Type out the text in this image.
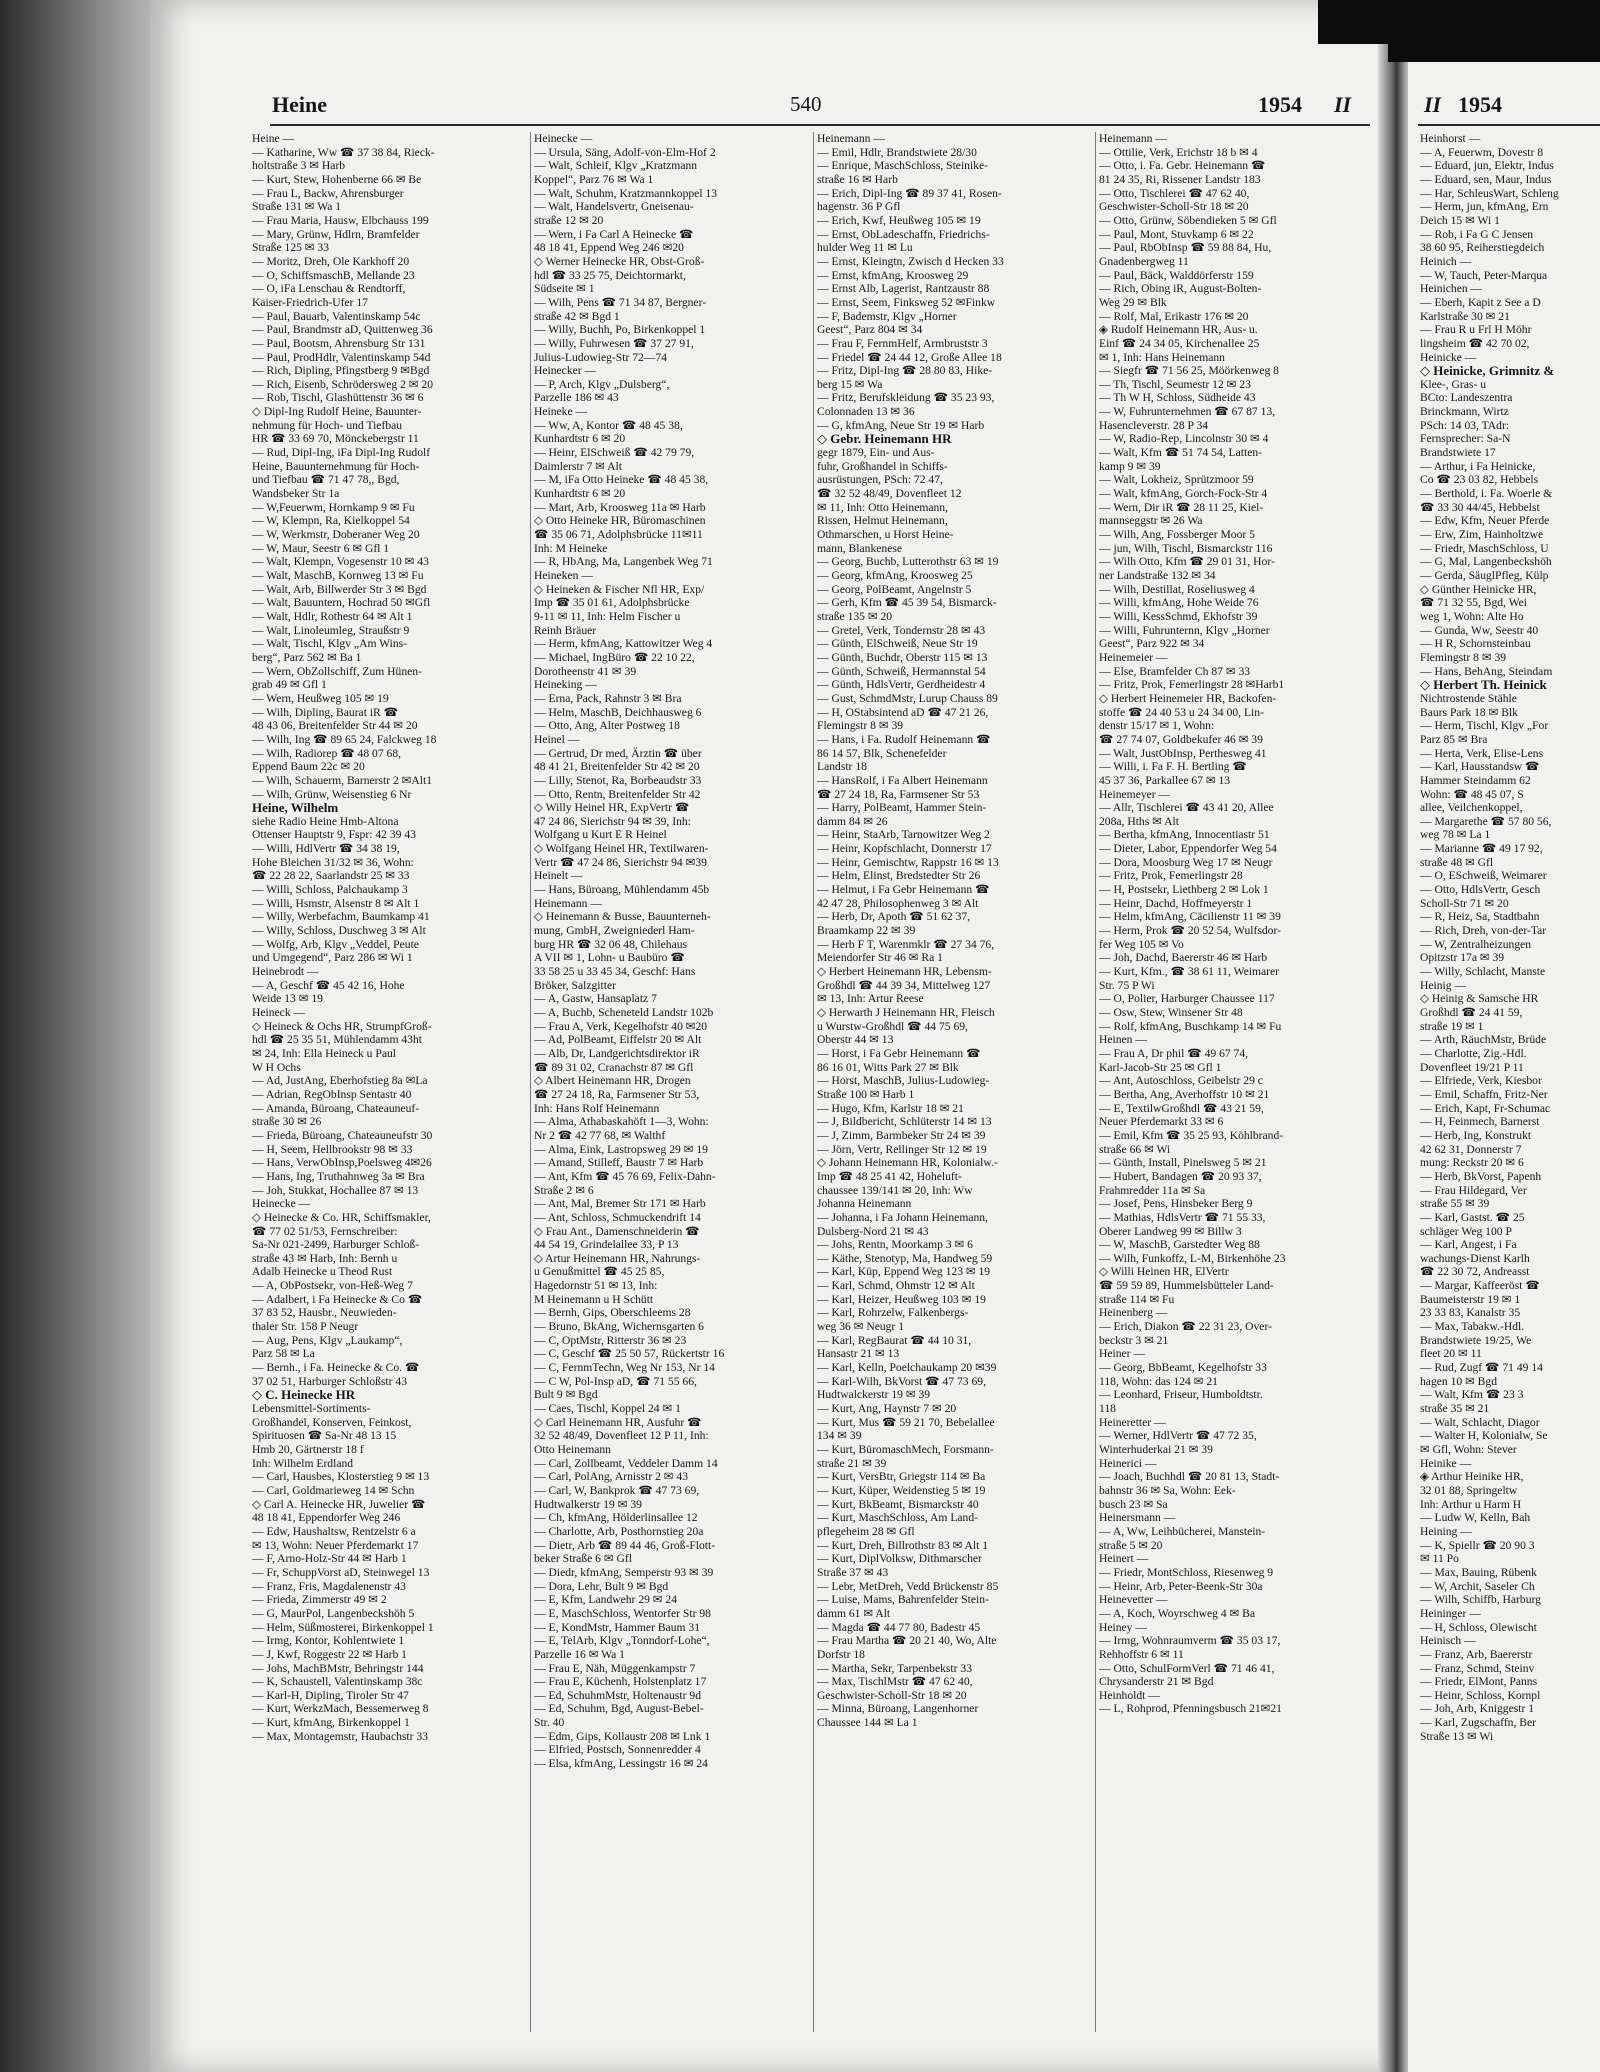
Heine	540	1954 II	II 1954
Heine —
— Katharine, Ww ☎ 37 38 84, Rieck-
holtstraße 3 ✉ Harb
— Kurt, Stew, Hohenberne 66 ✉ Be
— Frau L, Backw, Ahrensburger
Straße 131 ✉ Wa 1
— Frau Maria, Hausw, Elbchauss 199
— Mary, Grünw, Hdlrn, Bramfelder
Straße 125 ✉ 33
— Moritz, Dreh, Ole Karkhoff 20
— O, SchiffsmaschB, Mellande 23
— O, iFa Lenschau & Rendtorff,
Kaiser-Friedrich-Ufer 17
— Paul, Bauarb, Valentinskamp 54c
— Paul, Brandmstr aD, Quittenweg 36
— Paul, Bootsm, Ahrensburg Str 131
— Paul, ProdHdlr, Valentinskamp 54d
— Rich, Dipling, Pfingstberg 9 ✉Bgd
— Rich, Eisenb, Schrödersweg 2 ✉ 20
— Rob, Tischl, Glashüttenstr 36 ✉ 6
◇ Dipl-Ing Rudolf Heine, Bauunter-
nehmung für Hoch- und Tiefbau
HR ☎ 33 69 70, Mönckebergstr 11
— Rud, Dipl-Ing, iFa Dipl-Ing Rudolf
Heine, Bauunternehmung für Hoch-
und Tiefbau ☎ 71 47 78,, Bgd,
Wandsbeker Str 1a
— W,Feuerwm, Hornkamp 9 ✉ Fu
— W, Klempn, Ra, Kielkoppel 54
— W, Werkmstr, Doberaner Weg 20
— W, Maur, Seestr 6 ✉ Gfl 1
— Walt, Klempn, Vogesenstr 10 ✉ 43
— Walt, MaschB, Kornweg 13 ✉ Fu
— Walt, Arb, Billwerder Str 3 ✉ Bgd
— Walt, Bauuntern, Hochrad 50 ✉Gfl
— Walt, Hdlr, Rothestr 64 ✉ Alt 1
— Walt, Linoleumleg, Straußstr 9
— Walt, Tischl, Klgv „Am Wins-
berg“, Parz 562 ✉ Ba 1
— Wern, ObZollschiff, Zum Hünen-
grab 49 ✉ Gfl 1
— Wern, Heußweg 105 ✉ 19
— Wilh, Dipling, Baurat iR ☎
48 43 06, Breitenfelder Str 44 ✉ 20
— Wilh, Ing ☎ 89 65 24, Falckweg 18
— Wilh, Radiorep ☎ 48 07 68,
Eppend Baum 22c ✉ 20
— Wilh, Schauerm, Barnerstr 2 ✉Alt1
— Wilh, Grünw, Weisenstieg 6 Nr
Heine, Wilhelm
siehe Radio Heine Hmb-Altona
Ottenser Hauptstr 9, Fspr: 42 39 43
— Willi, HdlVertr ☎ 34 38 19,
Hohe Bleichen 31/32 ✉ 36, Wohn:
☎ 22 28 22, Saarlandstr 25 ✉ 33
— Willi, Schloss, Palchaukamp 3
— Willi, Hsmstr, Alsenstr 8 ✉ Alt 1
— Willy, Werbefachm, Baumkamp 41
— Willy, Schloss, Duschweg 3 ✉ Alt
— Wolfg, Arb, Klgv „Veddel, Peute
und Umgegend“, Parz 286 ✉ Wi 1
Heinebrodt —
— A, Geschf ☎ 45 42 16, Hohe
Weide 13 ✉ 19
Heineck —
◇ Heineck & Ochs HR, StrumpfGroß-
hdl ☎ 25 35 51, Mühlendamm 43ht
✉ 24, Inh: Ella Heineck u Paul
W H Ochs
— Ad, JustAng, Eberhofstieg 8a ✉La
— Adrian, RegObInsp Sentastr 40
— Amanda, Büroang, Chateauneuf-
straße 30 ✉ 26
— Frieda, Büroang, Chateauneufstr 30
— H, Seem, Hellbrookstr 98 ✉ 33
— Hans, VerwObInsp,Poelsweg 4✉26
— Hans, Ing, Truthahnweg 3a ✉ Bra
— Joh, Stukkat, Hochallee 87 ✉ 13
Heinecke —
◇ Heinecke & Co. HR, Schiffsmakler,
☎ 77 02 51/53, Fernschreiber:
Sa-Nr 021-2499, Harburger Schloß-
straße 43 ✉ Harb, Inh: Bernh u
Adalb Heinecke u Theod Rust
— A, ObPostsekr, von-Heß-Weg 7
— Adalbert, i Fa Heinecke & Co ☎
37 83 52, Hausbr., Neuwieden-
thaler Str. 158 P Neugr
— Aug, Pens, Klgv „Laukamp“,
Parz 58 ✉ La
— Bernh., i Fa. Heinecke & Co. ☎
37 02 51, Harburger Schloßstr 43
◇ C. Heinecke HR
Lebensmittel-Sortiments-
Großhandel, Konserven, Feinkost,
Spirituosen ☎ Sa-Nr 48 13 15
Hmb 20, Gärtnerstr 18 f
Inh: Wilhelm Erdland
— Carl, Hausbes, Klosterstieg 9 ✉ 13
— Carl, Goldmarieweg 14 ✉ Schn
◇ Carl A. Heinecke HR, Juwelier ☎
48 18 41, Eppendorfer Weg 246
— Edw, Haushaltsw, Rentzelstr 6 a
✉ 13, Wohn: Neuer Pferdemarkt 17
— F, Arno-Holz-Str 44 ✉ Harb 1
— Fr, SchuppVorst aD, Steinwegel 13
— Franz, Fris, Magdalenenstr 43
— Frieda, Zimmerstr 49 ✉ 2
— G, MaurPol, Langenbeckshöh 5
— Helm, Süßmosterei, Birkenkoppel 1
— Irmg, Kontor, Kohlentwiete 1
— J, Kwf, Roggestr 22 ✉ Harb 1
— Johs, MachBMstr, Behringstr 144
— K, Schaustell, Valentinskamp 38c
— Karl-H, Dipling, Tiroler Str 47
— Kurt, WerkzMach, Bessemerweg 8
— Kurt, kfmAng, Birkenkoppel 1
— Max, Montagemstr, Haubachstr 33
Heinecke —
— Ursula, Säng, Adolf-von-Elm-Hof 2
— Walt, Schleif, Klgv „Kratzmann
Koppel“, Parz 76 ✉ Wa 1
— Walt, Schuhm, Kratzmannkoppel 13
— Walt, Handelsvertr, Gneisenau-
straße 12 ✉ 20
— Wern, i Fa Carl A Heinecke ☎
48 18 41, Eppend Weg 246 ✉20
◇ Werner Heinecke HR, Obst-Groß-
hdl ☎ 33 25 75, Deichtormarkt,
Südseite ✉ 1
— Wilh, Pens ☎ 71 34 87, Bergner-
straße 42 ✉ Bgd 1
— Willy, Buchh, Po, Birkenkoppel 1
— Willy, Fuhrwesen ☎ 37 27 91,
Julius-Ludowieg-Str 72—74
Heinecker —
— P, Arch, Klgv „Dulsberg“,
Parzelle 186 ✉ 43
Heineke —
— Ww, A, Kontor ☎ 48 45 38,
Kunhardtstr 6 ✉ 20
— Heinr, ElSchweiß ☎ 42 79 79,
Daimlerstr 7 ✉ Alt
— M, iFa Otto Heineke ☎ 48 45 38,
Kunhardtstr 6 ✉ 20
— Mart, Arb, Kroosweg 11a ✉ Harb
◇ Otto Heineke HR, Büromaschinen
☎ 35 06 71, Adolphsbrücke 11✉11
Inh: M Heineke
— R, HbAng, Ma, Langenbek Weg 71
Heineken —
◇ Heineken & Fischer Nfl HR, Exp/
Imp ☎ 35 01 61, Adolphsbrücke
9-11 ✉ 11, Inh: Helm Fischer u
Reinh Bräuer
— Herm, kfmAng, Kattowitzer Weg 4
— Michael, IngBüro ☎ 22 10 22,
Dorotheenstr 41 ✉ 39
Heineking —
— Erna, Pack, Rahnstr 3 ✉ Bra
— Helm, MaschB, Deichhausweg 6
— Otto, Ang, Alter Postweg 18
Heinel —
— Gertrud, Dr med, Ärztin ☎ über
48 41 21, Breitenfelder Str 42 ✉ 20
— Lilly, Stenot, Ra, Borbeaudstr 33
— Otto, Rentn, Breitenfelder Str 42
◇ Willy Heinel HR, ExpVertr ☎
47 24 86, Sierichstr 94 ✉ 39, Inh:
Wolfgang u Kurt E R Heinel
◇ Wolfgang Heinel HR, Textilwaren-
Vertr ☎ 47 24 86, Sierichstr 94 ✉39
Heinelt —
— Hans, Büroang, Mühlendamm 45b
Heinemann —
◇ Heinemann & Busse, Bauunterneh-
mung, GmbH, Zweigniederl Ham-
burg HR ☎ 32 06 48, Chilehaus
A VII ✉ 1, Lohn- u Baubüro ☎
33 58 25 u 33 45 34, Geschf: Hans
Bröker, Salzgitter
— A, Gastw, Hansaplatz 7
— A, Buchb, Scheneteld Landstr 102b
— Frau A, Verk, Kegelhofstr 40 ✉20
— Ad, PolBeamt, Eiffelstr 20 ✉ Alt
— Alb, Dr, Landgerichtsdirektor iR
☎ 89 31 02, Cranachstr 87 ✉ Gfl
◇ Albert Heinemann HR, Drogen
☎ 27 24 18, Ra, Farmsener Str 53,
Inh: Hans Rolf Heinemann
— Alma, Athabaskahöft 1—3, Wohn:
Nr 2 ☎ 42 77 68, ✉ Walthf
— Alma, Eink, Lastropsweg 29 ✉ 19
— Amand, Stilleff, Baustr 7 ✉ Harb
— Ant, Kfm ☎ 45 76 69, Felix-Dahn-
Straße 2 ✉ 6
— Ant, Mal, Bremer Str 171 ✉ Harb
— Ant, Schloss, Schmuckendrift 14
◇ Frau Ant., Damenschneiderin ☎
44 54 19, Grindelallee 33, P 13
◇ Artur Heinemann HR, Nahrungs-
u Genußmittel ☎ 45 25 85,
Hagedornstr 51 ✉ 13, Inh:
M Heinemann u H Schütt
— Bernh, Gips, Oberschleems 28
— Bruno, BkAng, Wichernsgarten 6
— C, OptMstr, Ritterstr 36 ✉ 23
— C, Geschf ☎ 25 50 57, Rückertstr 16
— C, FernmTechn, Weg Nr 153, Nr 14
— C W, Pol-Insp aD, ☎ 71 55 66,
Bult 9 ✉ Bgd
— Caes, Tischl, Koppel 24 ✉ 1
◇ Carl Heinemann HR, Ausfuhr ☎
32 52 48/49, Dovenfleet 12 P 11, Inh:
Otto Heinemann
— Carl, Zollbeamt, Veddeler Damm 14
— Carl, PolAng, Arnisstr 2 ✉ 43
— Carl, W, Bankprok ☎ 47 73 69,
Hudtwalkerstr 19 ✉ 39
— Ch, kfmAng, Hölderlinsallee 12
— Charlotte, Arb, Posthornstieg 20a
— Dietr, Arb ☎ 89 44 46, Groß-Flott-
beker Straße 6 ✉ Gfl
— Diedr, kfmAng, Semperstr 93 ✉ 39
— Dora, Lehr, Bult 9 ✉ Bgd
— E, Kfm, Landwehr 29 ✉ 24
— E, MaschSchloss, Wentorfer Str 98
— E, KondMstr, Hammer Baum 31
— E, TelArb, Klgv „Tonndorf-Lohe“,
Parzelle 16 ✉ Wa 1
— Frau E, Näh, Müggenkampstr 7
— Frau E, Küchenh, Holstenplatz 17
— Ed, SchuhmMstr, Holtenaustr 9d
— Ed, Schuhm, Bgd, August-Bebel-
Str. 40
— Edm, Gips, Kollaustr 208 ✉ Lnk 1
— Elfried, Postsch, Sonnenredder 4
— Elsa, kfmAng, Lessingstr 16 ✉ 24
Heinemann —
— Emil, Hdlr, Brandstwiete 28/30
— Enrique, MaschSchloss, Steinike-
straße 16 ✉ Harb
— Erich, Dipl-Ing ☎ 89 37 41, Rosen-
hagenstr. 36 P Gfl
— Erich, Kwf, Heußweg 105 ✉ 19
— Ernst, ObLadeschaffn, Friedrichs-
hulder Weg 11 ✉ Lu
— Ernst, Kleingtn, Zwisch d Hecken 33
— Ernst, kfmAng, Kroosweg 29
— Ernst Alb, Lagerist, Rantzaustr 88
— Ernst, Seem, Finksweg 52 ✉Finkw
— F, Bademstr, Klgv „Horner
Geest“, Parz 804 ✉ 34
— Frau F, FernmHelf, Armbruststr 3
— Friedel ☎ 24 44 12, Große Allee 18
— Fritz, Dipl-Ing ☎ 28 80 83, Hike-
berg 15 ✉ Wa
— Fritz, Berufskleidung ☎ 35 23 93,
Colonnaden 13 ✉ 36
— G, kfmAng, Neue Str 19 ✉ Harb
◇ Gebr. Heinemann HR
gegr 1879, Ein- und Aus-
fuhr, Großhandel in Schiffs-
ausrüstungen, PSch: 72 47,
☎ 32 52 48/49, Dovenfleet 12
✉ 11, Inh: Otto Heinemann,
Rissen, Helmut Heinemann,
Othmarschen, u Horst Heine-
mann, Blankenese
— Georg, Buchb, Lutterothstr 63 ✉ 19
— Georg, kfmAng, Kroosweg 25
— Georg, PolBeamt, Angelnstr 5
— Gerh, Kfm ☎ 45 39 54, Bismarck-
straße 135 ✉ 20
— Gretel, Verk, Tondernstr 28 ✉ 43
— Günth, ElSchweiß, Neue Str 19
— Günth, Buchdr, Oberstr 115 ✉ 13
— Günth, Schweiß, Hermannstal 54
— Günth, HdlsVertr, Gerdheidestr 4
— Gust, SchmdMstr, Lurup Chauss 89
— H, OStabsintend aD ☎ 47 21 26,
Flemingstr 8 ✉ 39
— Hans, i Fa. Rudolf Heinemann ☎
86 14 57, Blk, Schenefelder
Landstr 18
— HansRolf, i Fa Albert Heinemann
☎ 27 24 18, Ra, Farmsener Str 53
— Harry, PolBeamt, Hammer Stein-
damm 84 ✉ 26
— Heinr, StaArb, Tarnowitzer Weg 2
— Heinr, Kopfschlacht, Donnerstr 17
— Heinr, Gemischtw, Rappstr 16 ✉ 13
— Helm, Elinst, Bredstedter Str 26
— Helmut, i Fa Gebr Heinemann ☎
42 47 28, Philosophenweg 3 ✉ Alt
— Herb, Dr, Apoth ☎ 51 62 37,
Braamkamp 22 ✉ 39
— Herb F T, Warenmklr ☎ 27 34 76,
Meiendorfer Str 46 ✉ Ra 1
◇ Herbert Heinemann HR, Lebensm-
Großhdl ☎ 44 39 34, Mittelweg 127
✉ 13, Inh: Artur Reese
◇ Herwarth J Heinemann HR, Fleisch
u Wurstw-Großhdl ☎ 44 75 69,
Oberstr 44 ✉ 13
— Horst, i Fa Gebr Heinemann ☎
86 16 01, Witts Park 27 ✉ Blk
— Horst, MaschB, Julius-Ludowieg-
Straße 100 ✉ Harb 1
— Hugo, Kfm, Karlstr 18 ✉ 21
— J, Bildbericht, Schlüterstr 14 ✉ 13
— J, Zimm, Barmbeker Str 24 ✉ 39
— Jörn, Vertr, Rellinger Str 12 ✉ 19
◇ Johann Heinemann HR, Kolonialw.-
Imp ☎ 48 25 41 42, Hoheluft-
chaussee 139/141 ✉ 20, Inh: Ww
Johanna Heinemann
— Johanna, i Fa Johann Heinemann,
Dulsberg-Nord 21 ✉ 43
— Johs, Rentn, Moorkamp 3 ✉ 6
— Käthe, Stenotyp, Ma, Handweg 59
— Karl, Küp, Eppend Weg 123 ✉ 19
— Karl, Schmd, Ohmstr 12 ✉ Alt
— Karl, Heizer, Heußweg 103 ✉ 19
— Karl, Rohrzelw, Falkenbergs-
weg 36 ✉ Neugr 1
— Karl, RegBaurat ☎ 44 10 31,
Hansastr 21 ✉ 13
— Karl, Kelln, Poelchaukamp 20 ✉39
— Karl-Wilh, BkVorst ☎ 47 73 69,
Hudtwalckerstr 19 ✉ 39
— Kurt, Ang, Haynstr 7 ✉ 20
— Kurt, Mus ☎ 59 21 70, Bebelallee
134 ✉ 39
— Kurt, BüromaschMech, Forsmann-
straße 21 ✉ 39
— Kurt, VersBtr, Griegstr 114 ✉ Ba
— Kurt, Küper, Weidenstieg 5 ✉ 19
— Kurt, BkBeamt, Bismarckstr 40
— Kurt, MaschSchloss, Am Land-
pflegeheim 28 ✉ Gfl
— Kurt, Dreh, Billrothstr 83 ✉ Alt 1
— Kurt, DiplVolksw, Dithmarscher
Straße 37 ✉ 43
— Lebr, MetDreh, Vedd Brückenstr 85
— Luise, Mams, Bahrenfelder Stein-
damm 61 ✉ Alt
— Magda ☎ 44 77 80, Badestr 45
— Frau Martha ☎ 20 21 40, Wo, Alte
Dorfstr 18
— Martha, Sekr, Tarpenbekstr 33
— Max, TischlMstr ☎ 47 62 40,
Geschwister-Scholl-Str 18 ✉ 20
— Minna, Büroang, Langenhorner
Chaussee 144 ✉ La 1
Heinemann —
— Ottilie, Verk, Erichstr 18 b ✉ 4
— Otto, i. Fa. Gebr. Heinemann ☎
81 24 35, Ri, Rissener Landstr 183
— Otto, Tischlerei ☎ 47 62 40,
Geschwister-Scholl-Str 18 ✉ 20
— Otto, Grünw, Söbendieken 5 ✉ Gfl
— Paul, Mont, Stuvkamp 6 ✉ 22
— Paul, RbObInsp ☎ 59 88 84, Hu,
Gnadenbergweg 11
— Paul, Bäck, Walddörferstr 159
— Rich, Obing iR, August-Bolten-
Weg 29 ✉ Blk
— Rolf, Mal, Erikastr 176 ✉ 20
◈ Rudolf Heinemann HR, Aus- u.
Einf ☎ 24 34 05, Kirchenallee 25
✉ 1, Inh: Hans Heinemann
— Siegfr ☎ 71 56 25, Möörkenweg 8
— Th, Tischl, Seumestr 12 ✉ 23
— Th W H, Schloss, Südheide 43
— W, Fuhrunternehmen ☎ 67 87 13,
Hasencleverstr. 28 P 34
— W, Radio-Rep, Lincolnstr 30 ✉ 4
— Walt, Kfm ☎ 51 74 54, Latten-
kamp 9 ✉ 39
— Walt, Lokheiz, Sprützmoor 59
— Walt, kfmAng, Gorch-Fock-Str 4
— Wern, Dir iR ☎ 28 11 25, Kiel-
mannseggstr ✉ 26 Wa
— Wilh, Ang, Fossberger Moor 5
— jun, Wilh, Tischl, Bismarckstr 116
— Wilh Otto, Kfm ☎ 29 01 31, Hor-
ner Landstraße 132 ✉ 34
— Wilh, Destillat, Roseliusweg 4
— Willi, kfmAng, Hohe Weide 76
— Willi, KessSchmd, Ekhofstr 39
— Willi, Fuhrunternn, Klgv „Horner
Geest“, Parz 922 ✉ 34
Heinemeier —
— Else, Bramfelder Ch 87 ✉ 33
— Fritz, Prok, Femerlingstr 28 ✉Harb1
◇ Herbert Heinemeier HR, Backofen-
stoffe ☎ 24 40 53 u 24 34 00, Lin-
denstr 15/17 ✉ 1, Wohn:
☎ 27 74 07, Goldbekufer 46 ✉ 39
— Walt, JustObInsp, Perthesweg 41
— Willi, i. Fa F. H. Bertling ☎
45 37 36, Parkallee 67 ✉ 13
Heinemeyer —
— Allr, Tischlerei ☎ 43 41 20, Allee
208a, Hths ✉ Alt
— Bertha, kfmAng, Innocentiastr 51
— Dieter, Labor, Eppendorfer Weg 54
— Dora, Moosburg Weg 17 ✉ Neugr
— Fritz, Prok, Femerlingstr 28
— H, Postsekr, Liethberg 2 ✉ Lok 1
— Heinr, Dachd, Hoffmeyerstr 1
— Helm, kfmAng, Cäcilienstr 11 ✉ 39
— Herm, Prok ☎ 20 52 54, Wulfsdor-
fer Weg 105 ✉ Vo
— Joh, Dachd, Baererstr 46 ✉ Harb
— Kurt, Kfm., ☎ 38 61 11, Weimarer
Str. 75 P Wi
— O, Polier, Harburger Chaussee 117
— Osw, Stew, Winsener Str 48
— Rolf, kfmAng, Buschkamp 14 ✉ Fu
Heinen —
— Frau A, Dr phil ☎ 49 67 74,
Karl-Jacob-Str 25 ✉ Gfl 1
— Ant, Autoschloss, Geibelstr 29 c
— Bertha, Ang, Averhoffstr 10 ✉ 21
— E, TextilwGroßhdl ☎ 43 21 59,
Neuer Pferdemarkt 33 ✉ 6
— Emil, Kfm ☎ 35 25 93, Köhlbrand-
straße 66 ✉ Wi
— Günth, Install, Pinelsweg 5 ✉ 21
— Hubert, Bandagen ☎ 20 93 37,
Frahmredder 11a ✉ Sa
— Josef, Pens, Hinsbeker Berg 9
— Mathias, HdlsVertr ☎ 71 55 33,
Oberer Landweg 99 ✉ Billw 3
— W, MaschB, Garstedter Weg 88
— Wilh, Funkoffz, L-M, Birkenhöhe 23
◇ Willi Heinen HR, ElVertr
☎ 59 59 89, Hummelsbütteler Land-
straße 114 ✉ Fu
Heinenberg —
— Erich, Diakon ☎ 22 31 23, Over-
beckstr 3 ✉ 21
Heiner —
— Georg, BbBeamt, Kegelhofstr 33
118, Wohn: das 124 ✉ 21
— Leonhard, Friseur, Humboldtstr.
118
Heineretter —
— Werner, HdlVertr ☎ 47 72 35,
Winterhuderkai 21 ✉ 39
Heinerici —
— Joach, Buchhdl ☎ 20 81 13, Stadt-
bahnstr 36 ✉ Sa, Wohn: Eek-
busch 23 ✉ Sa
Heinersmann —
— A, Ww, Leihbücherei, Manstein-
straße 5 ✉ 20
Heinert —
— Friedr, MontSchloss, Riesenweg 9
— Heinr, Arb, Peter-Beenk-Str 30a
Heinevetter —
— A, Koch, Woyrschweg 4 ✉ Ba
Heiney —
— Irmg, Wohnraumverm ☎ 35 03 17,
Rehhoffstr 6 ✉ 11
— Otto, SchulFormVerl ☎ 71 46 41,
Chrysanderstr 21 ✉ Bgd
Heinholdt —
— L, Rohprod, Pfenningsbusch 21✉21
Heinhorst —
— A, Feuerwm, Dovestr 8
— Eduard, jun, Elektr, Indus
— Eduard, sen, Maur, Indus
— Har, SchleusWart, Schleng
— Herm, jun, kfmAng, Ern
Deich 15 ✉ Wi 1
— Rob, i Fa G C Jensen
38 60 95, Reiherstiegdeich
Heinich —
— W, Tauch, Peter-Marqua
Heinichen —
— Eberh, Kapit z See a D
Karlstraße 30 ✉ 21
— Frau R u Frl H Möhr
lingsheim ☎ 42 70 02,
Heinicke —
◇ Heinicke, Grimnitz &
Klee-, Gras- u
BCto: Landeszentra
Brinckmann, Wirtz
PSch: 14 03, TAdr:
Fernsprecher: Sa-N
Brandstwiete 17
— Arthur, i Fa Heinicke,
Co ☎ 23 03 82, Hebbels
— Berthold, i. Fa. Woerle &
☎ 33 30 44/45, Hebbelst
— Edw, Kfm, Neuer Pferde
— Erw, Zim, Hainholtzwe
— Friedr, MaschSchloss, U
— G, Mal, Langenbeckshöh
— Gerda, SäuglPfleg, Külp
◇ Günther Heinicke HR,
☎ 71 32 55, Bgd, Wei
weg 1, Wohn: Alte Ho
— Gunda, Ww, Seestr 40
— H R, Schornsteinbau
Flemingstr 8 ✉ 39
— Hans, BehAng, Steindam
◇ Herbert Th. Heinick
Nichtrostende Stähle
Baurs Park 18 ✉ Blk
— Herm, Tischl, Klgv „For
Parz 85 ✉ Bra
— Herta, Verk, Elise-Lens
— Karl, Hausstandsw ☎
Hammer Steindamm 62
Wohn: ☎ 48 45 07, S
allee, Veilchenkoppel,
— Margarethe ☎ 57 80 56,
weg 78 ✉ La 1
— Marianne ☎ 49 17 92,
straße 48 ✉ Gfl
— O, ESchweiß, Weimarer
— Otto, HdlsVertr, Gesch
Scholl-Str 71 ✉ 20
— R, Heiz, Sa, Stadtbahn
— Rich, Dreh, von-der-Tar
— W, Zentralheizungen
Opitzstr 17a ✉ 39
— Willy, Schlacht, Manste
Heinig —
◇ Heinig & Samsche HR
Großhdl ☎ 24 41 59,
straße 19 ✉ 1
— Arth, RäuchMstr, Brüde
— Charlotte, Zig.-Hdl.
Dovenfleet 19/21 P 11
— Elfriede, Verk, Kiesbor
— Emil, Schaffn, Fritz-Ner
— Erich, Kapt, Fr-Schumac
— H, Feinmech, Barnerst
— Herb, Ing, Konstrukt
42 62 31, Donnerstr 7
mung: Reckstr 20 ✉ 6
— Herb, BkVorst, Papenh
— Frau Hildegard, Ver
straße 55 ✉ 39
— Karl, Gastst. ☎ 25
schläger Weg 100 P
— Karl, Angest, i Fa
wachungs-Dienst Karlh
☎ 22 30 72, Andreasst
— Margar, Kaffeeröst ☎
Baumeisterstr 19 ✉ 1
23 33 83, Kanalstr 35
— Max, Tabakw.-Hdl.
Brandstwiete 19/25, We
fleet 20 ✉ 11
— Rud, Zugf ☎ 71 49 14
hagen 10 ✉ Bgd
— Walt, Kfm ☎ 23 3
straße 35 ✉ 21
— Walt, Schlacht, Diagor
— Walter H, Kolonialw, Se
✉ Gfl, Wohn: Stever
Heinike —
◈ Arthur Heinike HR,
32 01 88, Springeltw
Inh: Arthur u Harm H
— Ludw W, Kelln, Bah
Heining —
— K, Spiellr ☎ 20 90 3
✉ 11 Po
— Max, Bauing, Rübenk
— W, Archit, Saseler Ch
— Wilh, Schiffb, Harburg
Heininger —
— H, Schloss, Olewischt
Heinisch —
— Franz, Arb, Baererstr
— Franz, Schmd, Steinv
— Friedr, ElMont, Panns
— Heinr, Schloss, Kornpl
— Joh, Arb, Kniggestr 1
— Karl, Zugschaffn, Ber
Straße 13 ✉ Wi
